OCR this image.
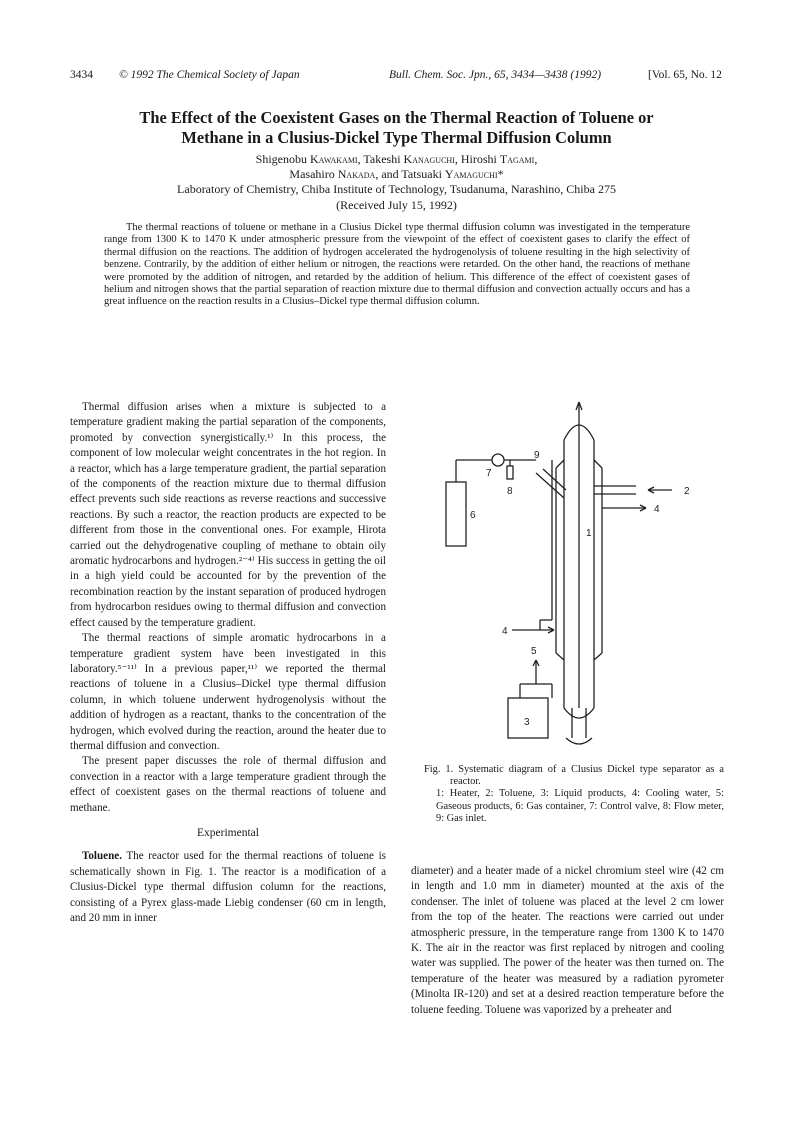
3434 © 1992 The Chemical Society of Japan	Bull. Chem. Soc. Jpn., 65, 3434—3438 (1992)	[Vol. 65, No. 12
The Effect of the Coexistent Gases on the Thermal Reaction of Toluene or
Methane in a Clusius-Dickel Type Thermal Diffusion Column
Shigenobu Kawakami, Takeshi Kanaguchi, Hiroshi Tagami,
Masahiro Nakada, and Tatsuaki Yamaguchi*
Laboratory of Chemistry, Chiba Institute of Technology, Tsudanuma, Narashino, Chiba 275
(Received July 15, 1992)
The thermal reactions of toluene or methane in a Clusius Dickel type thermal diffusion column was investigated in the temperature range from 1300 K to 1470 K under atmospheric pressure from the viewpoint of the effect of coexistent gases to clarify the effect of thermal diffusion on the reactions. The addition of hydrogen accelerated the hydrogenolysis of toluene resulting in the high selectivity of benzene. Contrarily, by the addition of either helium or nitrogen, the reactions were retarded. On the other hand, the reactions of methane were promoted by the addition of nitrogen, and retarded by the addition of helium. This difference of the effect of coexistent gases of helium and nitrogen shows that the partial separation of reaction mixture due to thermal diffusion and convection actually occurs and has a great influence on the reaction results in a Clusius–Dickel type thermal diffusion column.

Thermal diffusion arises when a mixture is subjected to a temperature gradient making the partial separation of the components, promoted by convection synergistically.¹⁾ In this process, the component of low molecular weight concentrates in the hot region. In a reactor, which has a large temperature gradient, the partial separation of the components of the reaction mixture due to thermal diffusion effect prevents such side reactions as reverse reactions and successive reactions. By such a reactor, the reaction products are expected to be different from those in the conventional ones. For example, Hirota carried out the dehydrogenative coupling of methane to obtain oily aromatic hydrocarbons and hydrogen.²⁻⁴⁾ His success in getting the oil in a high yield could be accounted for by the prevention of the recombination reaction by the instant separation of produced hydrogen from hydrocarbon residues owing to thermal diffusion and convection effect caused by the temperature gradient.

The thermal reactions of simple aromatic hydrocarbons in a temperature gradient system have been investigated in this laboratory.⁵⁻¹¹⁾ In a previous paper,¹¹⁾ we reported the thermal reactions of toluene in a Clusius–Dickel type thermal diffusion column, in which toluene underwent hydrogenolysis without the addition of hydrogen as a reactant, thanks to the concentration of the hydrogen, which evolved during the reaction, around the heater due to thermal diffusion and convection.

The present paper discusses the role of thermal diffusion and convection in a reactor with a large temperature gradient through the effect of coexistent gases on the thermal reactions of toluene and methane.

Experimental

Toluene. The reactor used for the thermal reactions of toluene is schematically shown in Fig. 1. The reactor is a modification of a Clusius-Dickel type thermal diffusion column for the reactions, consisting of a Pyrex glass-made Liebig condenser (60 cm in length, and 20 mm in inner

1
2
3
4
4
5
6
7
8
9

Fig. 1. Systematic diagram of a Clusius Dickel type separator as a reactor.

1: Heater, 2: Toluene, 3: Liquid products, 4: Cooling water, 5: Gaseous products, 6: Gas container, 7: Control valve, 8: Flow meter, 9: Gas inlet.

diameter) and a heater made of a nickel chromium steel wire (42 cm in length and 1.0 mm in diameter) mounted at the axis of the condenser. The inlet of toluene was placed at the level 2 cm lower from the top of the heater. The reactions were carried out under atmospheric pressure, in the temperature range from 1300 K to 1470 K. The air in the reactor was first replaced by nitrogen and cooling water was supplied. The power of the heater was then turned on. The temperature of the heater was measured by a radiation pyrometer (Minolta IR-120) and set at a desired reaction temperature before the toluene feeding. Toluene was vaporized by a preheater and
